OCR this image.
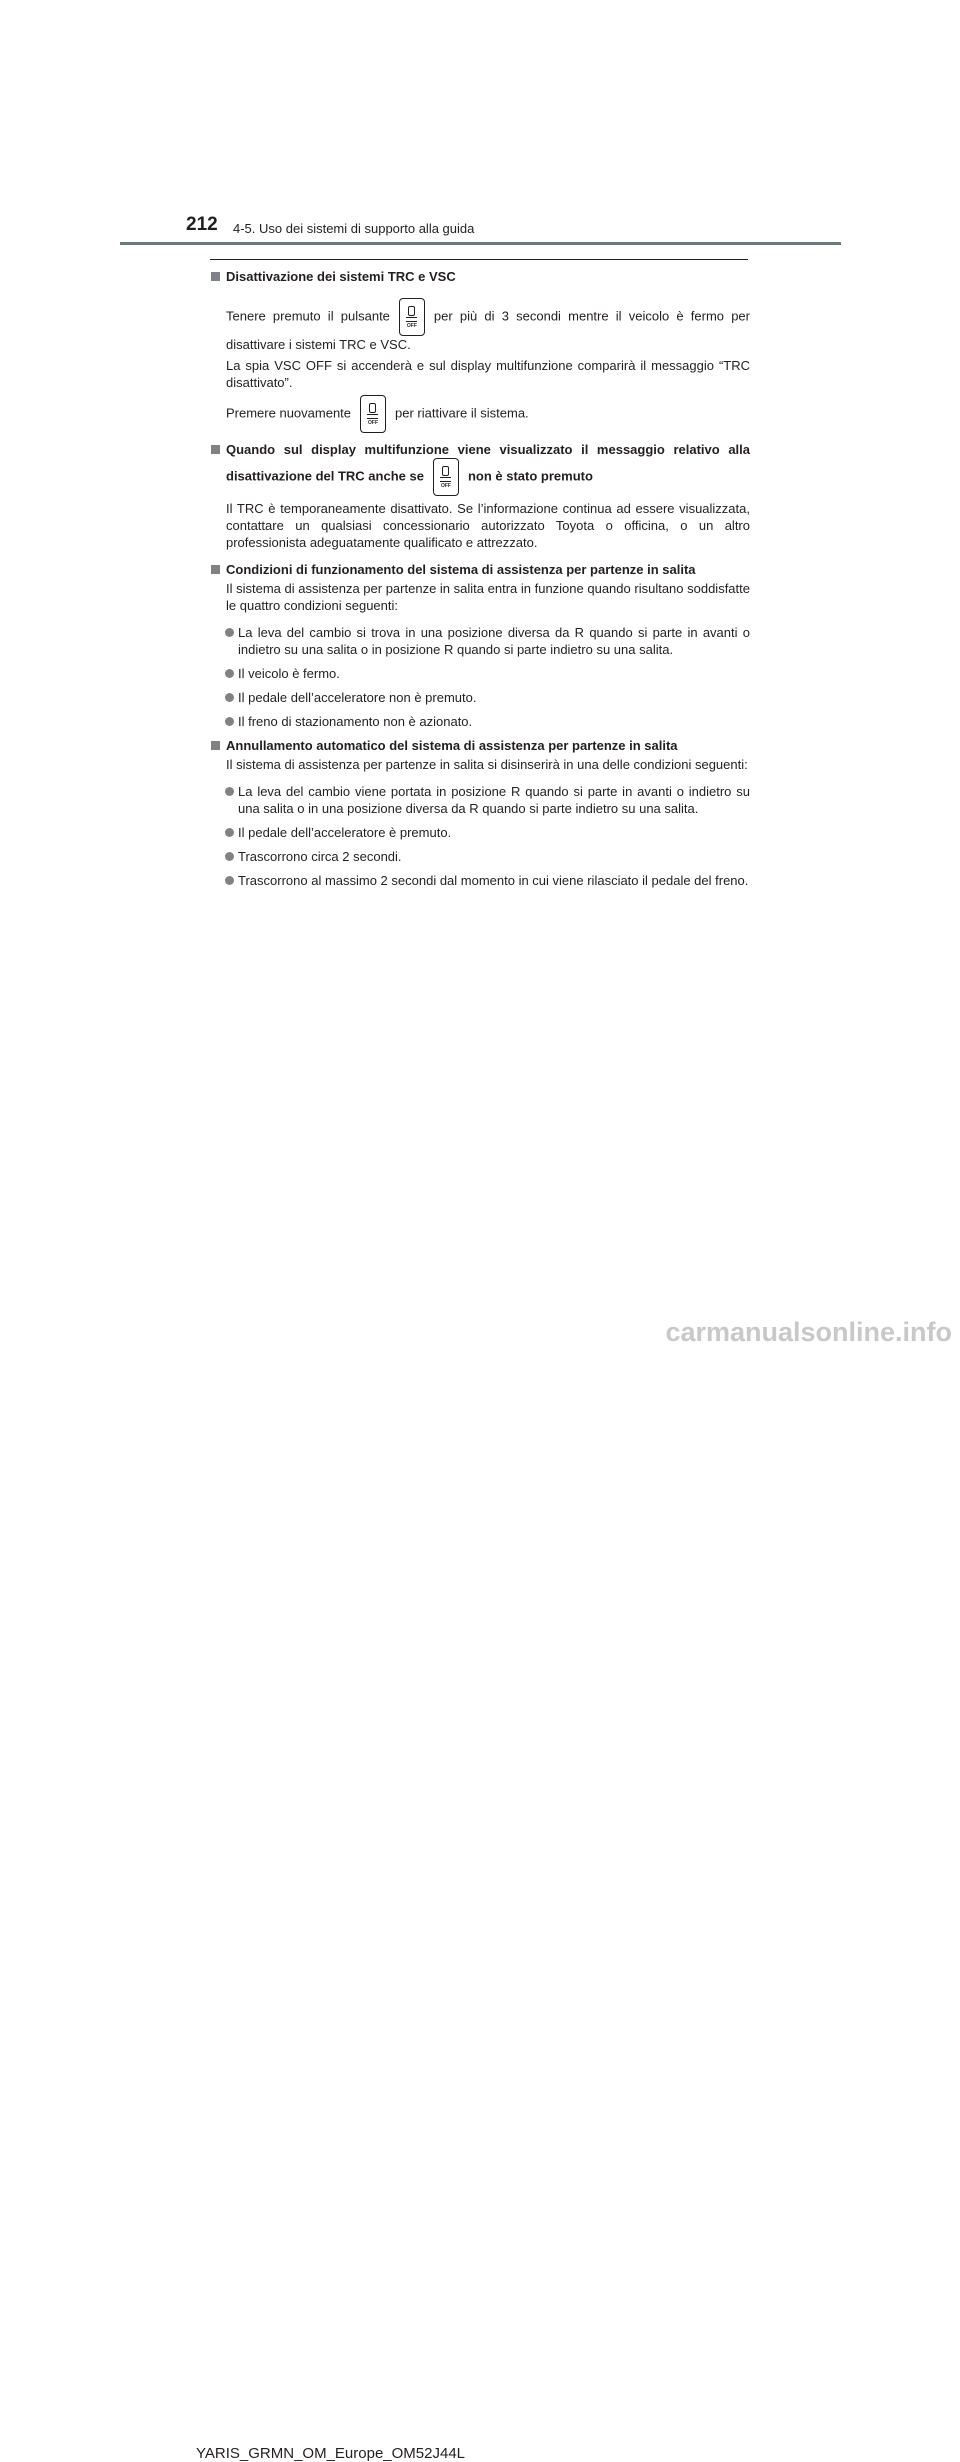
212 4-5. Uso dei sistemi di supporto alla guida
Disattivazione dei sistemi TRC e VSC
Tenere premuto il pulsante
OFF
per più di 3 secondi mentre il veicolo è fermo per disattivare i sistemi TRC e VSC.
La spia VSC OFF si accenderà e sul display multifunzione comparirà il messaggio “TRC disattivato”.
Premere nuovamente
OFF
per riattivare il sistema.
Quando sul display multifunzione viene visualizzato il messaggio relativo alla disattivazione del TRC anche se
OFF
non è stato premuto
Il TRC è temporaneamente disattivato. Se l’informazione continua ad essere visualizzata, contattare un qualsiasi concessionario autorizzato Toyota o officina, o un altro professionista adeguatamente qualificato e attrezzato.
Condizioni di funzionamento del sistema di assistenza per partenze in salita
Il sistema di assistenza per partenze in salita entra in funzione quando risultano soddisfatte le quattro condizioni seguenti:
La leva del cambio si trova in una posizione diversa da R quando si parte in avanti o indietro su una salita o in posizione R quando si parte indietro su una salita.
Il veicolo è fermo.
Il pedale dell’acceleratore non è premuto.
Il freno di stazionamento non è azionato.
Annullamento automatico del sistema di assistenza per partenze in salita
Il sistema di assistenza per partenze in salita si disinserirà in una delle condizioni seguenti:
La leva del cambio viene portata in posizione R quando si parte in avanti o indietro su una salita o in una posizione diversa da R quando si parte indietro su una salita.
Il pedale dell’acceleratore è premuto.
Trascorrono circa 2 secondi.
Trascorrono al massimo 2 secondi dal momento in cui viene rilasciato il pedale del freno.
YARIS_GRMN_OM_Europe_OM52J44L
carmanualsonline.info
